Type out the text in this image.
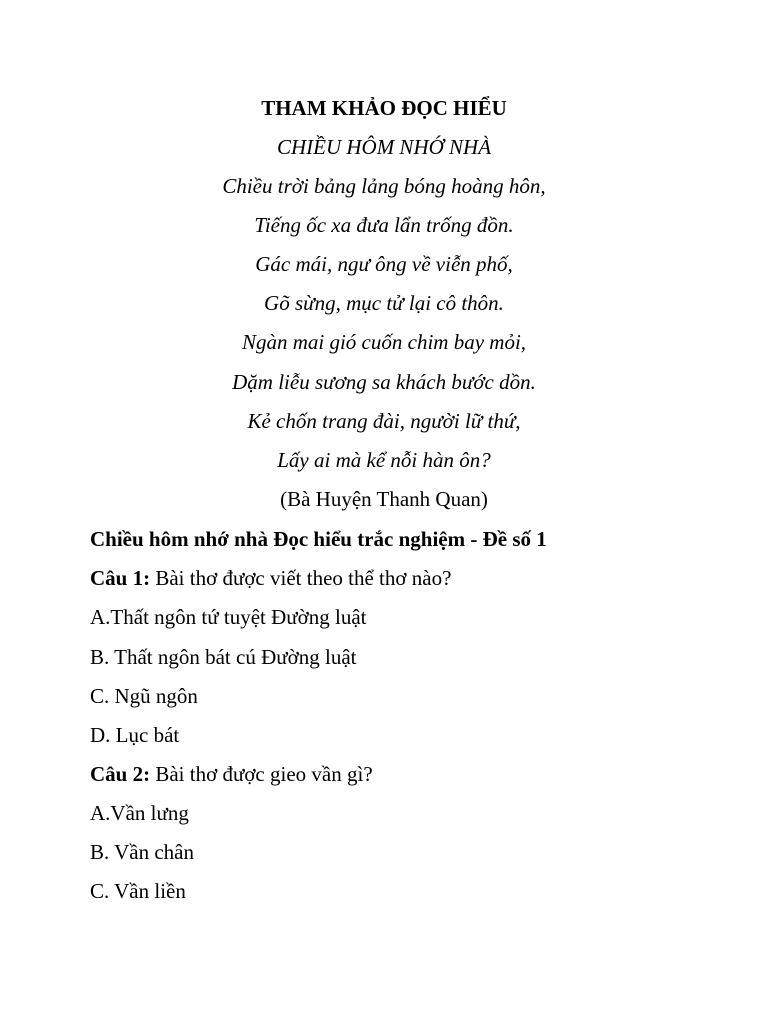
THAM KHẢO ĐỌC HIỂU
CHIỀU HÔM NHỚ NHÀ
Chiều trời bảng lảng bóng hoàng hôn,
Tiếng ốc xa đưa lẩn trống đồn.
Gác mái, ngư ông về viễn phố,
Gõ sừng, mục tử lại cô thôn.
Ngàn mai gió cuốn chim bay mỏi,
Dặm liễu sương sa khách bước dồn.
Kẻ chốn trang đài, người lữ thứ,
Lấy ai mà kể nỗi hàn ôn?
(Bà Huyện Thanh Quan)
Chiều hôm nhớ nhà Đọc hiểu trắc nghiệm - Đề số 1
Câu 1: Bài thơ được viết theo thể thơ nào?
A.Thất ngôn tứ tuyệt Đường luật
B. Thất ngôn bát cú Đường luật
C. Ngũ ngôn
D. Lục bát
Câu 2: Bài thơ được gieo vần gì?
A.Vần lưng
B. Vần chân
C. Vần liền
